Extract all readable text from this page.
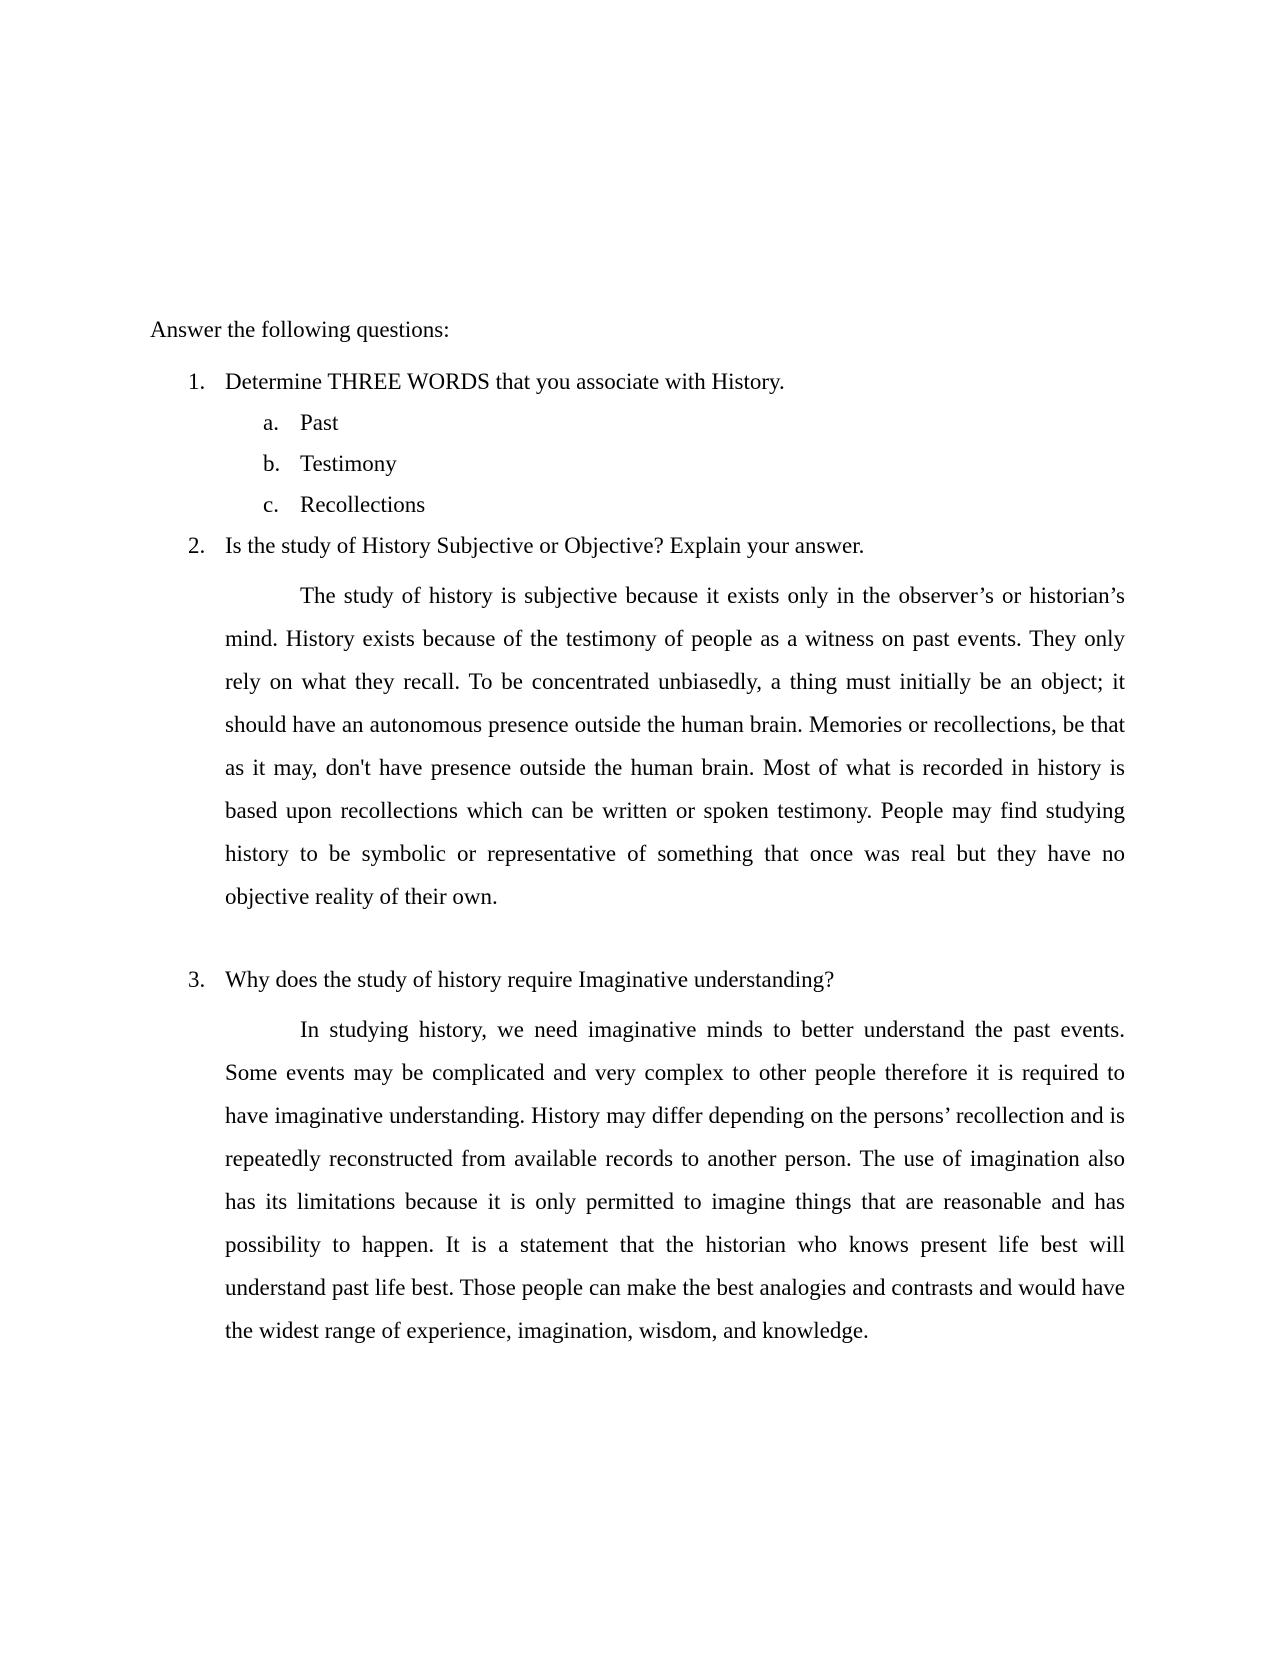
Answer the following questions:

1. Determine THREE WORDS that you associate with History.
a. Past
b. Testimony
c. Recollections
2. Is the study of History Subjective or Objective? Explain your answer.

The study of history is subjective because it exists only in the observer’s or historian’s mind. History exists because of the testimony of people as a witness on past events. They only rely on what they recall. To be concentrated unbiasedly, a thing must initially be an object; it should have an autonomous presence outside the human brain. Memories or recollections, be that as it may, don't have presence outside the human brain. Most of what is recorded in history is based upon recollections which can be written or spoken testimony. People may find studying history to be symbolic or representative of something that once was real but they have no objective reality of their own.

3. Why does the study of history require Imaginative understanding?

In studying history, we need imaginative minds to better understand the past events. Some events may be complicated and very complex to other people therefore it is required to have imaginative understanding. History may differ depending on the persons’ recollection and is repeatedly reconstructed from available records to another person. The use of imagination also has its limitations because it is only permitted to imagine things that are reasonable and has possibility to happen. It is a statement that the historian who knows present life best will understand past life best. Those people can make the best analogies and contrasts and would have the widest range of experience, imagination, wisdom, and knowledge.
